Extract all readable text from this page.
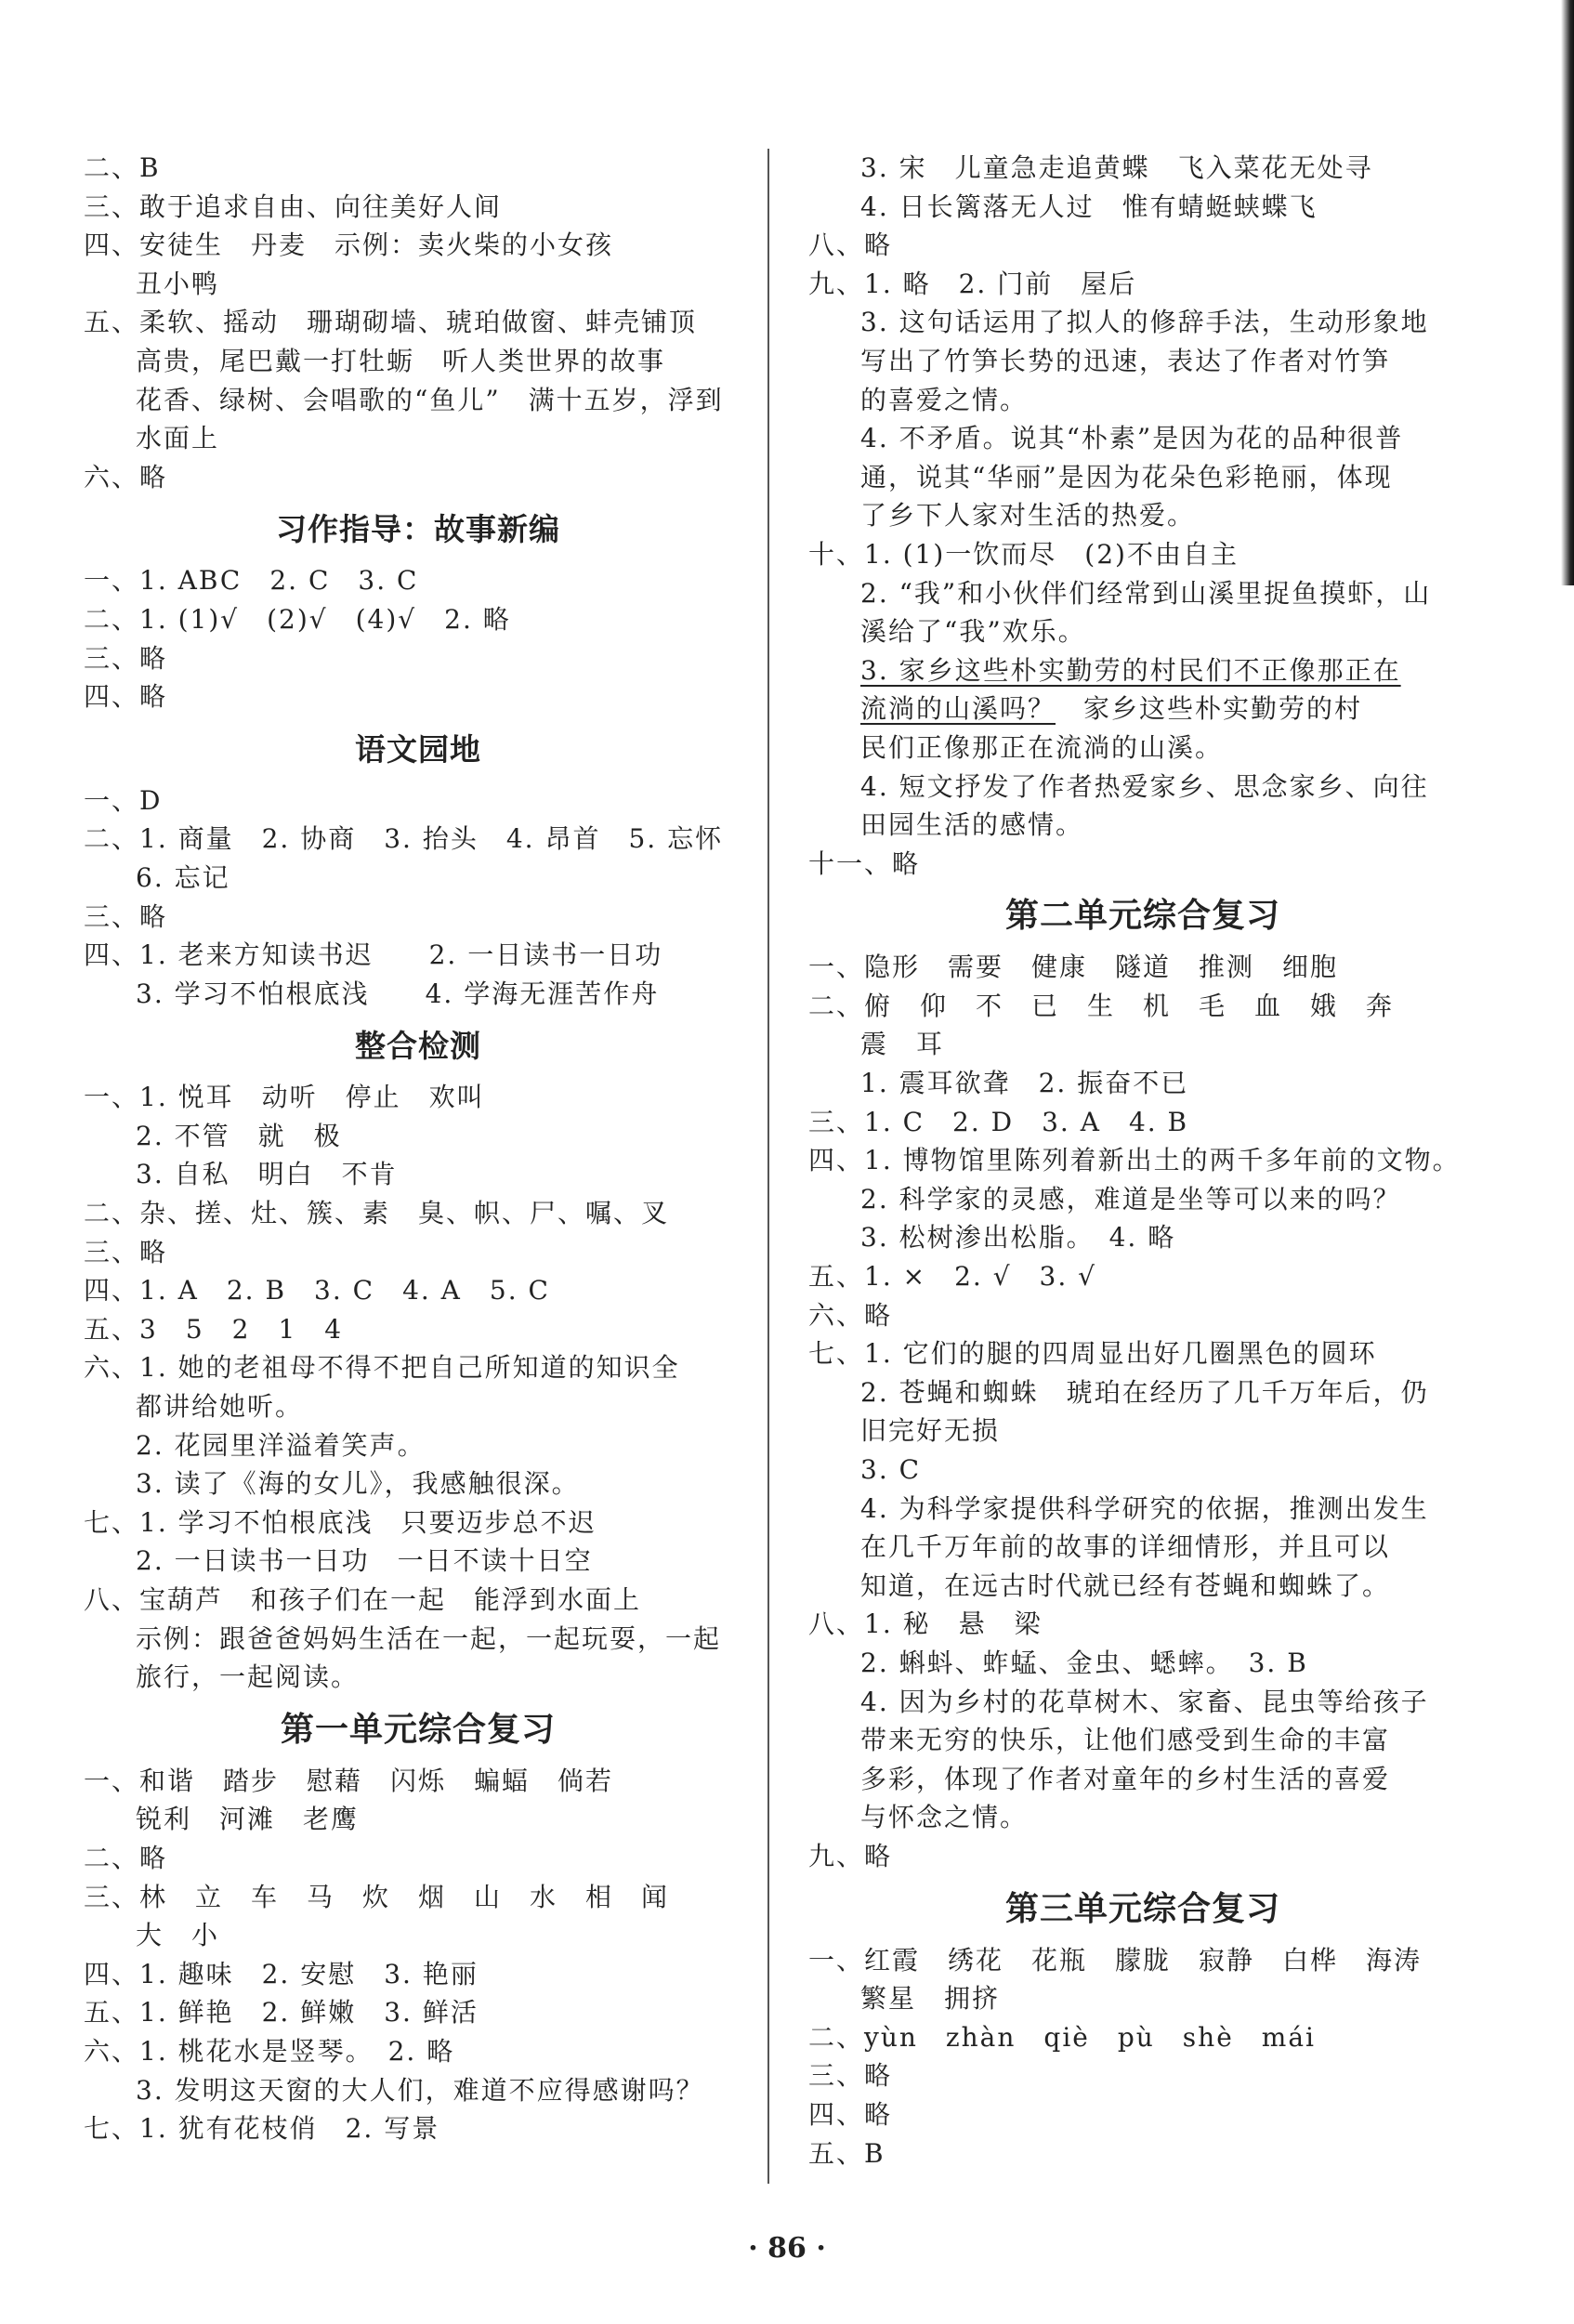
二、B
三、敢于追求自由、向往美好人间
四、安徒生　丹麦　示例：卖火柴的小女孩
丑小鸭
五、柔软、摇动　珊瑚砌墙、琥珀做窗、蚌壳铺顶
高贵，尾巴戴一打牡蛎　听人类世界的故事
花香、绿树、会唱歌的“鱼儿”　满十五岁，浮到
水面上
六、略
习作指导：故事新编
一、1. ABC　2. C　3. C
二、1. (1)√　(2)√　(4)√　2. 略
三、略
四、略
语文园地
一、D
二、1. 商量　2. 协商　3. 抬头　4. 昂首　5. 忘怀
6. 忘记
三、略
四、1. 老来方知读书迟　　2. 一日读书一日功
3. 学习不怕根底浅　　4. 学海无涯苦作舟
整合检测
一、1. 悦耳　动听　停止　欢叫
2. 不管　就　极
3. 自私　明白　不肯
二、杂、搓、灶、簇、素　臭、帜、尸、嘱、叉
三、略
四、1. A　2. B　3. C　4. A　5. C
五、3　5　2　1　4
六、1. 她的老祖母不得不把自己所知道的知识全
都讲给她听。
2. 花园里洋溢着笑声。
3. 读了《海的女儿》，我感触很深。
七、1. 学习不怕根底浅　只要迈步总不迟
2. 一日读书一日功　一日不读十日空
八、宝葫芦　和孩子们在一起　能浮到水面上
示例：跟爸爸妈妈生活在一起，一起玩耍，一起
旅行，一起阅读。
第一单元综合复习
一、和谐　踏步　慰藉　闪烁　蝙蝠　倘若
锐利　河滩　老鹰
二、略
三、林　立　车　马　炊　烟　山　水　相　闻
大　小
四、1. 趣味　2. 安慰　3. 艳丽
五、1. 鲜艳　2. 鲜嫩　3. 鲜活
六、1. 桃花水是竖琴。　2. 略
3. 发明这天窗的大人们，难道不应得感谢吗？
七、1. 犹有花枝俏　2. 写景
3. 宋　儿童急走追黄蝶　飞入菜花无处寻
4. 日长篱落无人过　惟有蜻蜓蛱蝶飞
八、略
九、1. 略　2. 门前　屋后
3. 这句话运用了拟人的修辞手法，生动形象地
写出了竹笋长势的迅速，表达了作者对竹笋
的喜爱之情。
4. 不矛盾。说其“朴素”是因为花的品种很普
通，说其“华丽”是因为花朵色彩艳丽，体现
了乡下人家对生活的热爱。
十、1. (1)一饮而尽　(2)不由自主
2. “我”和小伙伴们经常到山溪里捉鱼摸虾，山
溪给了“我”欢乐。
3. 家乡这些朴实勤劳的村民们不正像那正在
流淌的山溪吗？　家乡这些朴实勤劳的村
民们正像那正在流淌的山溪。
4. 短文抒发了作者热爱家乡、思念家乡、向往
田园生活的感情。
十一、略
第二单元综合复习
一、隐形　需要　健康　隧道　推测　细胞
二、俯　仰　不　已　生　机　毛　血　娥　奔
震　耳
1. 震耳欲聋　2. 振奋不已
三、1. C　2. D　3. A　4. B
四、1. 博物馆里陈列着新出土的两千多年前的文物。
2. 科学家的灵感，难道是坐等可以来的吗？
3. 松树渗出松脂。　4. 略
五、1. ×　2. √　3. √
六、略
七、1. 它们的腿的四周显出好几圈黑色的圆环
2. 苍蝇和蜘蛛　琥珀在经历了几千万年后，仍
旧完好无损
3. C
4. 为科学家提供科学研究的依据，推测出发生
在几千万年前的故事的详细情形，并且可以
知道，在远古时代就已经有苍蝇和蜘蛛了。
八、1. 秘　悬　梁
2. 蝌蚪、蚱蜢、金虫、蟋蟀。　3. B
4. 因为乡村的花草树木、家畜、昆虫等给孩子
带来无穷的快乐，让他们感受到生命的丰富
多彩，体现了作者对童年的乡村生活的喜爱
与怀念之情。
九、略
第三单元综合复习
一、红霞　绣花　花瓶　朦胧　寂静　白桦　海涛
繁星　拥挤
二、yùn　zhàn　qiè　pù　shè　mái
三、略
四、略
五、B
· 86 ·
